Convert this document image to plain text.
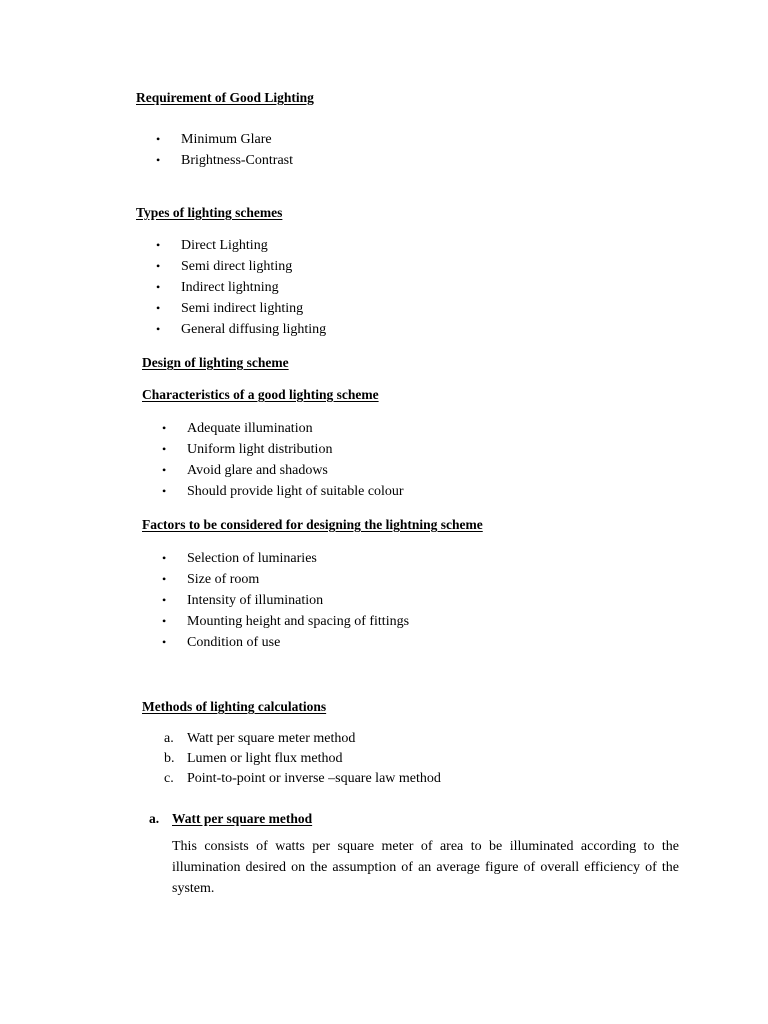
Requirement of Good Lighting
• Minimum Glare
• Brightness-Contrast
Types of lighting schemes
• Direct Lighting
• Semi direct lighting
• Indirect lightning
• Semi indirect lighting
• General diffusing lighting
Design of lighting scheme
Characteristics of a good lighting scheme
• Adequate illumination
• Uniform light distribution
• Avoid glare and shadows
• Should provide light of suitable colour
Factors to be considered for designing the lightning scheme
• Selection of luminaries
• Size of room
• Intensity of illumination
• Mounting height and spacing of fittings
• Condition of use
Methods of lighting calculations
a. Watt per square meter method
b. Lumen or light flux method
c. Point-to-point or inverse –square law method
a. Watt per square method

This consists of watts per square meter of area to be illuminated according to the illumination desired on the assumption of an average figure of overall efficiency of the system.
